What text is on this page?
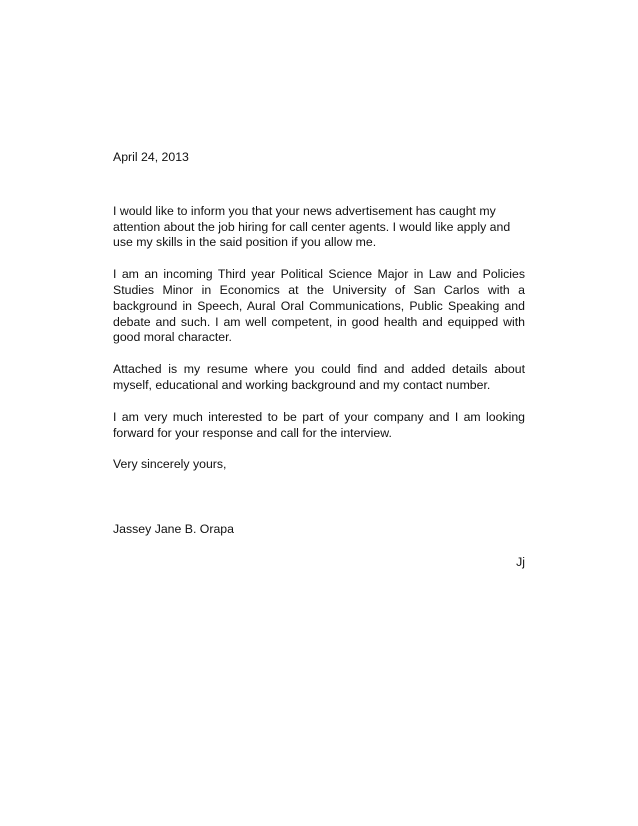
April 24, 2013

I would like to inform you that your news advertisement has caught my attention about the job hiring for call center agents. I would like apply and use my skills in the said position if you allow me.

I am an incoming Third year Political Science Major in Law and Policies Studies Minor in Economics at the University of San Carlos with a background in Speech, Aural Oral Communications, Public Speaking and debate and such. I am well competent, in good health and equipped with good moral character.

Attached is my resume where you could find and added details about myself, educational and working background and my contact number.

I am very much interested to be part of your company and I am looking forward for your response and call for the interview.

Very sincerely yours,

Jassey Jane B. Orapa

Jj
